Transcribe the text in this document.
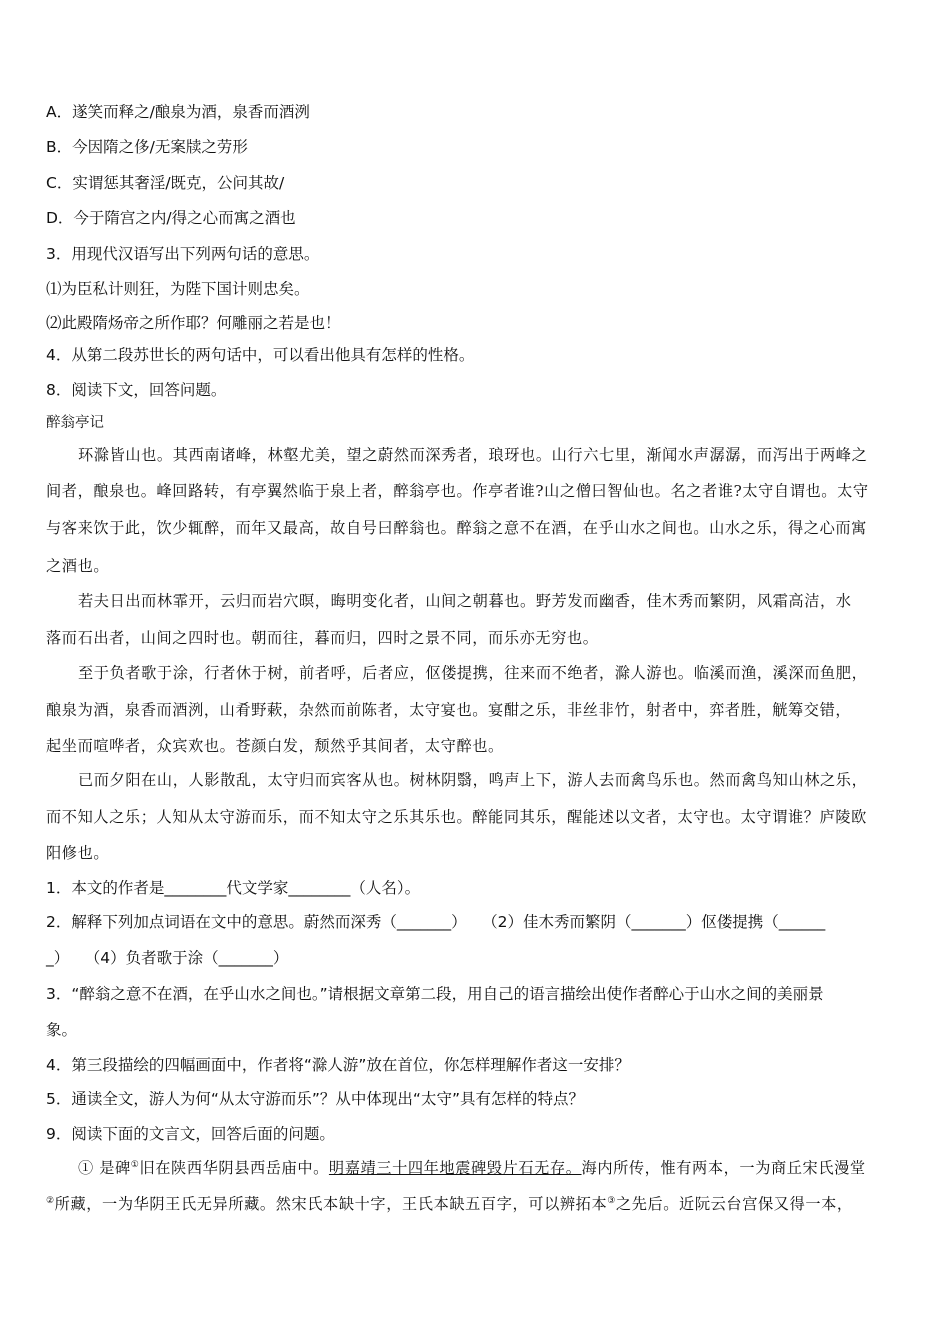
A．遂笑而释之/酿泉为酒，泉香而酒洌
B．今因隋之侈/无案牍之劳形
C．实谓惩其奢淫/既克，公问其故/
D．今于隋宫之内/得之心而寓之酒也
3．用现代汉语写出下列两句话的意思。
⑴为臣私计则狂，为陛下国计则忠矣。
⑵此殿隋炀帝之所作耶？何雕丽之若是也！
4．从第二段苏世长的两句话中，可以看出他具有怎样的性格。
8．阅读下文，回答问题。
醉翁亭记
环滁皆山也。其西南诸峰，林壑尤美，望之蔚然而深秀者，琅玡也。山行六七里，渐闻水声潺潺，而泻出于两峰之
间者，酿泉也。峰回路转，有亭翼然临于泉上者，醉翁亭也。作亭者谁?山之僧曰智仙也。名之者谁?太守自谓也。太守
与客来饮于此，饮少辄醉，而年又最高，故自号曰醉翁也。醉翁之意不在酒，在乎山水之间也。山水之乐，得之心而寓
之酒也。
若夫日出而林霏开，云归而岩穴暝，晦明变化者，山间之朝暮也。野芳发而幽香，佳木秀而繁阴，风霜高洁，水
落而石出者，山间之四时也。朝而往，暮而归，四时之景不同，而乐亦无穷也。
至于负者歌于涂，行者休于树，前者呼，后者应，伛偻提携，往来而不绝者，滁人游也。临溪而渔，溪深而鱼肥，
酿泉为酒，泉香而酒洌，山肴野蔌，杂然而前陈者，太守宴也。宴酣之乐，非丝非竹，射者中，弈者胜，觥筹交错，
起坐而喧哗者，众宾欢也。苍颜白发，颓然乎其间者，太守醉也。
已而夕阳在山，人影散乱，太守归而宾客从也。树林阴翳，鸣声上下，游人去而禽鸟乐也。然而禽鸟知山林之乐，
而不知人之乐；人知从太守游而乐，而不知太守之乐其乐也。醉能同其乐，醒能述以文者，太守也。太守谓谁？庐陵欧
阳修也。
1．本文的作者是________代文学家________（人名）。
2．解释下列加点词语在文中的意思。蔚然而深秀（_______）　　（2）佳木秀而繁阴（_______）伛偻提携（______
_）　　（4）负者歌于涂（_______）
3．“醉翁之意不在酒，在乎山水之间也。”请根据文章第二段，用自己的语言描绘出使作者醉心于山水之间的美丽景
象。
4．第三段描绘的四幅画面中，作者将“滁人游”放在首位，你怎样理解作者这一安排？
5．通读全文，游人为何“从太守游而乐”？从中体现出“太守”具有怎样的特点？
9．阅读下面的文言文，回答后面的问题。
① 是碑①旧在陕西华阴县西岳庙中。明嘉靖三十四年地震碑毁片石无存。海内所传，惟有两本，一为商丘宋氏漫堂
②所藏，一为华阴王氏无异所藏。然宋氏本缺十字，王氏本缺五百字，可以辨拓本③之先后。近阮云台宫保又得一本，
